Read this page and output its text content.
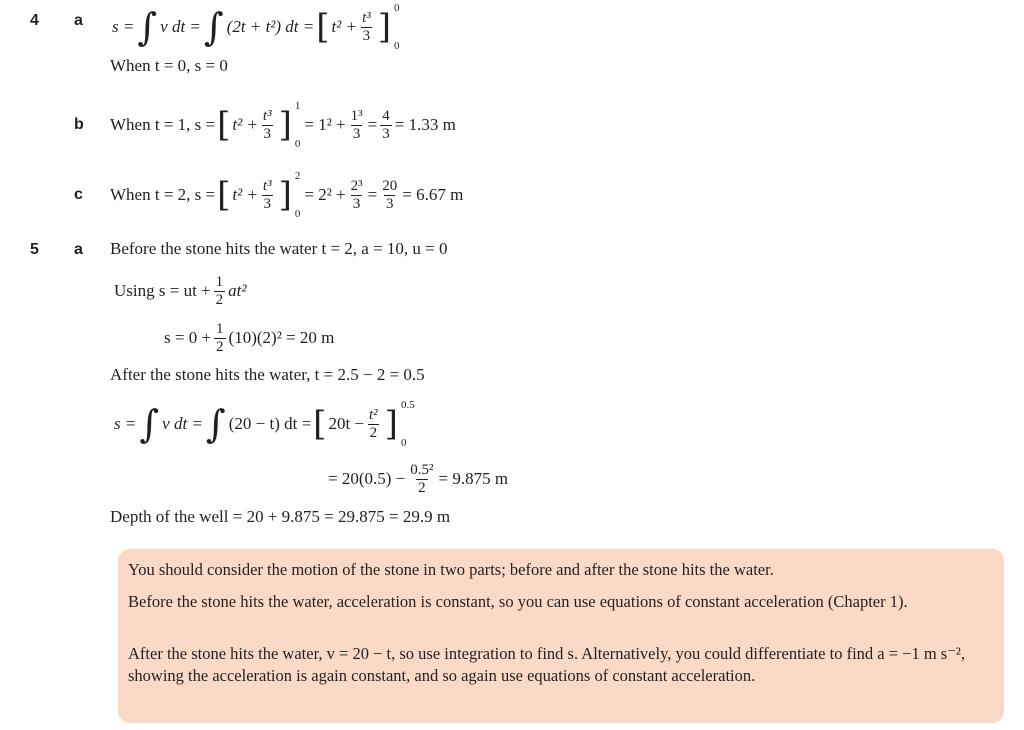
4 a s = ∫ v dt = ∫ (2t + t²) dt = [ $t^2 + \frac{\text{t³}}{3}$ ] 0
0
When t = 0, s = 0
b When t = 1, s = [ $t^2 + \frac{\text{t³}}{3}$ ] 1
0
= $1^2 + \frac{\text{1³}}{3} = \frac{4}{3} = 1.33$ m
c When t = 2, s = [ $t^2 + \frac{\text{t³}}{3}$ ] 2
0
= $2^2 + \frac{\text{2³}}{3} = \frac{20}{3} = 6.67$ m
5 a Before the stone hits the water t = 2, a = 10, u = 0
Using s = ut + $\frac{1}{2} at^2$
$s = 0 + \frac{1}{2} (10)(2)^2 = 20$ m
After the stone hits the water, t = 2.5 − 2 = 0.5
s = ∫ v dt = ∫ (20 − t) dt = [ $20t - \frac{\text{t²}}{2}$ ] 0.5
0
= $20(0.5) - \frac{\text{0.5²}}{2} = 9.875$ m
Depth of the well = 20 + 9.875 = 29.875 = 29.9 m

You should consider the motion of the stone in two parts; before and after the stone hits the water.

Before the stone hits the water, acceleration is constant, so you can use equations of constant acceleration (Chapter 1).

After the stone hits the water, v = 20 − t, so use integration to find s. Alternatively, you could differentiate to find a = −1 m s⁻², showing the acceleration is again constant, and so again use equations of constant acceleration.
